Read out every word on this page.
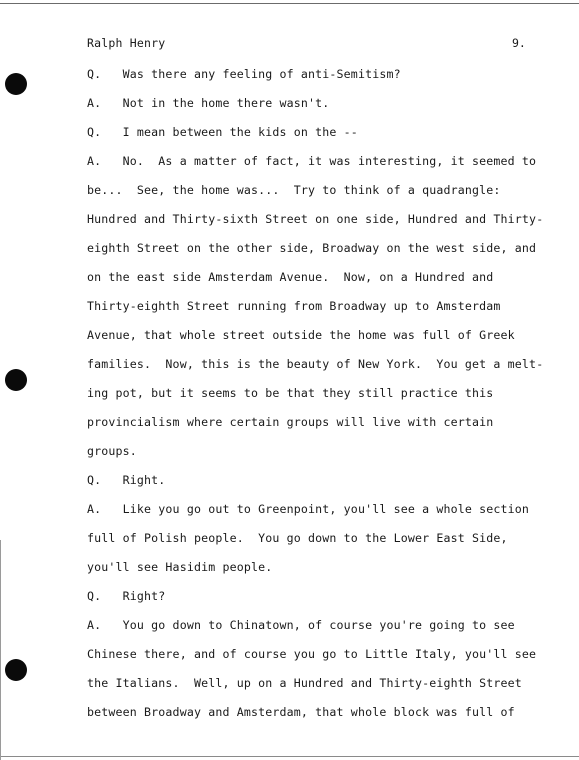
Ralph Henry	9.
Q.   Was there any feeling of anti-Semitism?
A.   Not in the home there wasn't.
Q.   I mean between the kids on the --
A.   No.  As a matter of fact, it was interesting, it seemed to
be...  See, the home was...  Try to think of a quadrangle:
Hundred and Thirty-sixth Street on one side, Hundred and Thirty-
eighth Street on the other side, Broadway on the west side, and
on the east side Amsterdam Avenue.  Now, on a Hundred and
Thirty-eighth Street running from Broadway up to Amsterdam
Avenue, that whole street outside the home was full of Greek
families.  Now, this is the beauty of New York.  You get a melt-
ing pot, but it seems to be that they still practice this
provincialism where certain groups will live with certain
groups.
Q.   Right.
A.   Like you go out to Greenpoint, you'll see a whole section
full of Polish people.  You go down to the Lower East Side,
you'll see Hasidim people.
Q.   Right?
A.   You go down to Chinatown, of course you're going to see
Chinese there, and of course you go to Little Italy, you'll see
the Italians.  Well, up on a Hundred and Thirty-eighth Street
between Broadway and Amsterdam, that whole block was full of
